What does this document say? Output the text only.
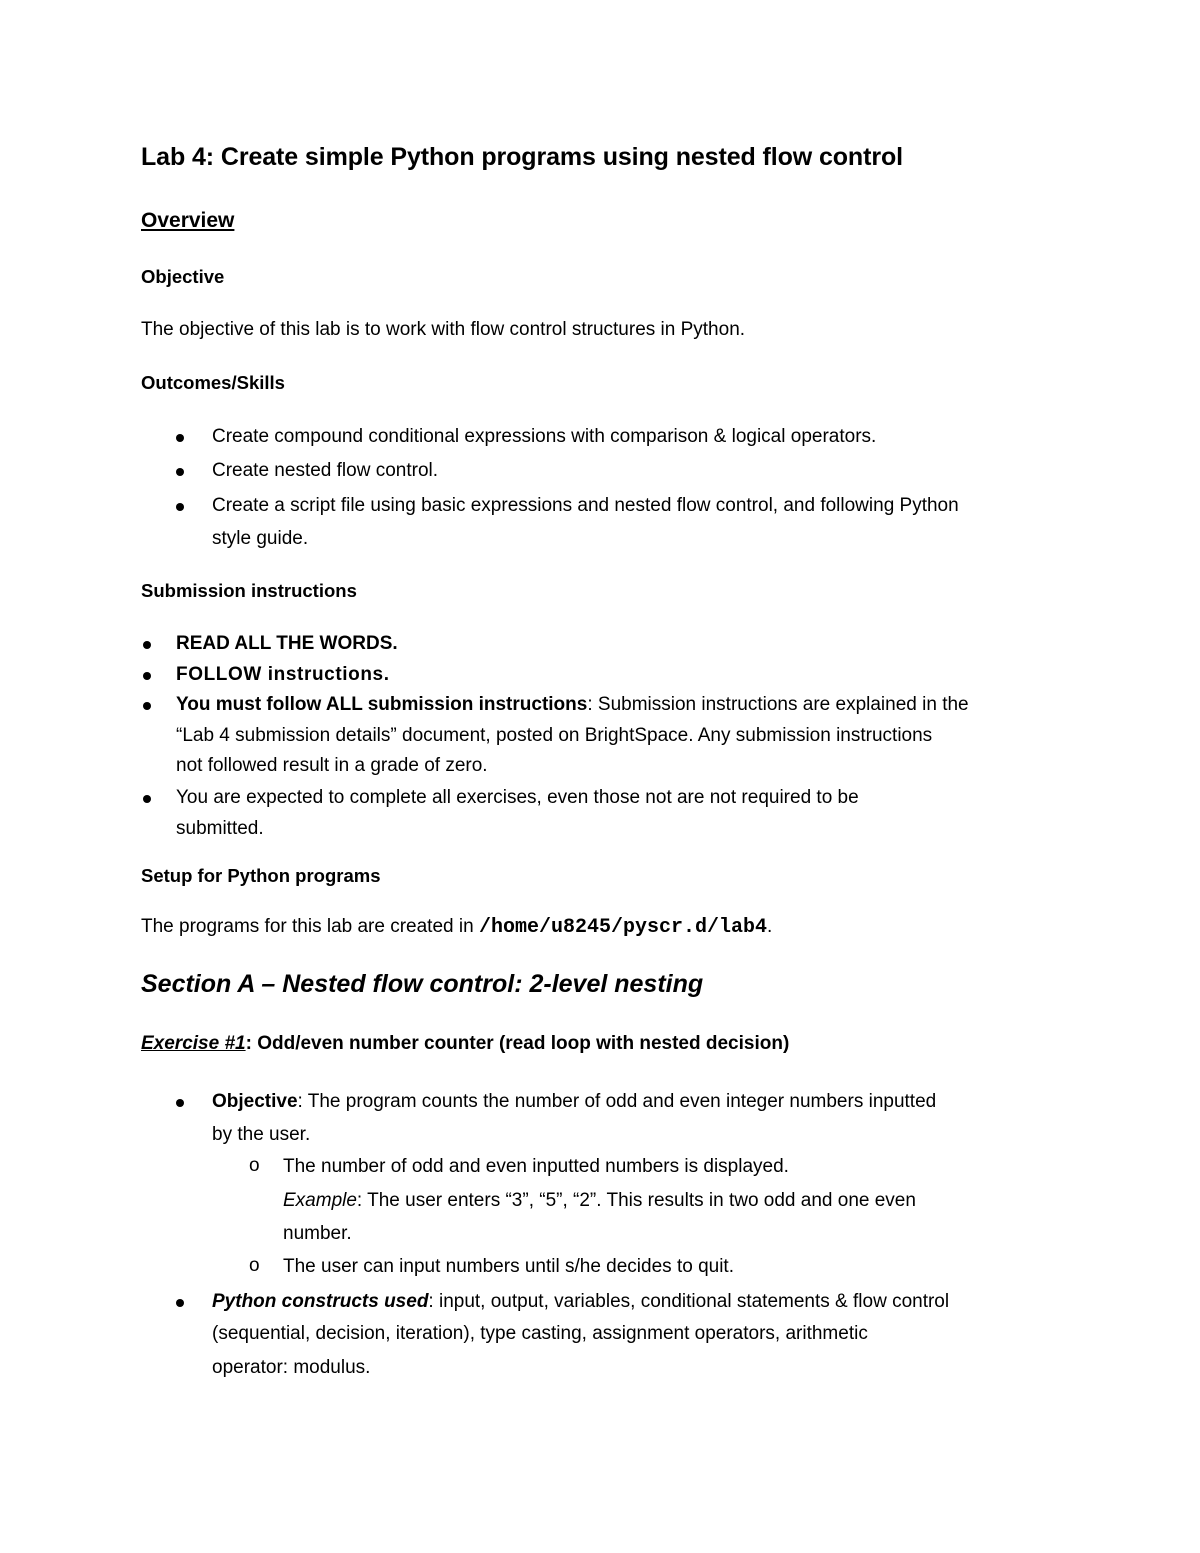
Lab 4: Create simple Python programs using nested flow control
Overview
Objective
The objective of this lab is to work with flow control structures in Python.
Outcomes/Skills
Create compound conditional expressions with comparison & logical operators.
Create nested flow control.
Create a script file using basic expressions and nested flow control, and following Python
style guide.
Submission instructions
READ ALL THE WORDS.
FOLLOW instructions.
You must follow ALL submission instructions: Submission instructions are explained in the
“Lab 4 submission details” document, posted on BrightSpace. Any submission instructions
not followed result in a grade of zero.
You are expected to complete all exercises, even those not are not required to be
submitted.
Setup for Python programs
The programs for this lab are created in /home/u8245/pyscr.d/lab4.
Section A – Nested flow control: 2-level nesting
Exercise #1: Odd/even number counter (read loop with nested decision)
Objective: The program counts the number of odd and even integer numbers inputted
by the user.
o The number of odd and even inputted numbers is displayed.
Example: The user enters “3”, “5”, “2”. This results in two odd and one even
number.
o The user can input numbers until s/he decides to quit.
Python constructs used: input, output, variables, conditional statements & flow control
(sequential, decision, iteration), type casting, assignment operators, arithmetic
operator: modulus.
